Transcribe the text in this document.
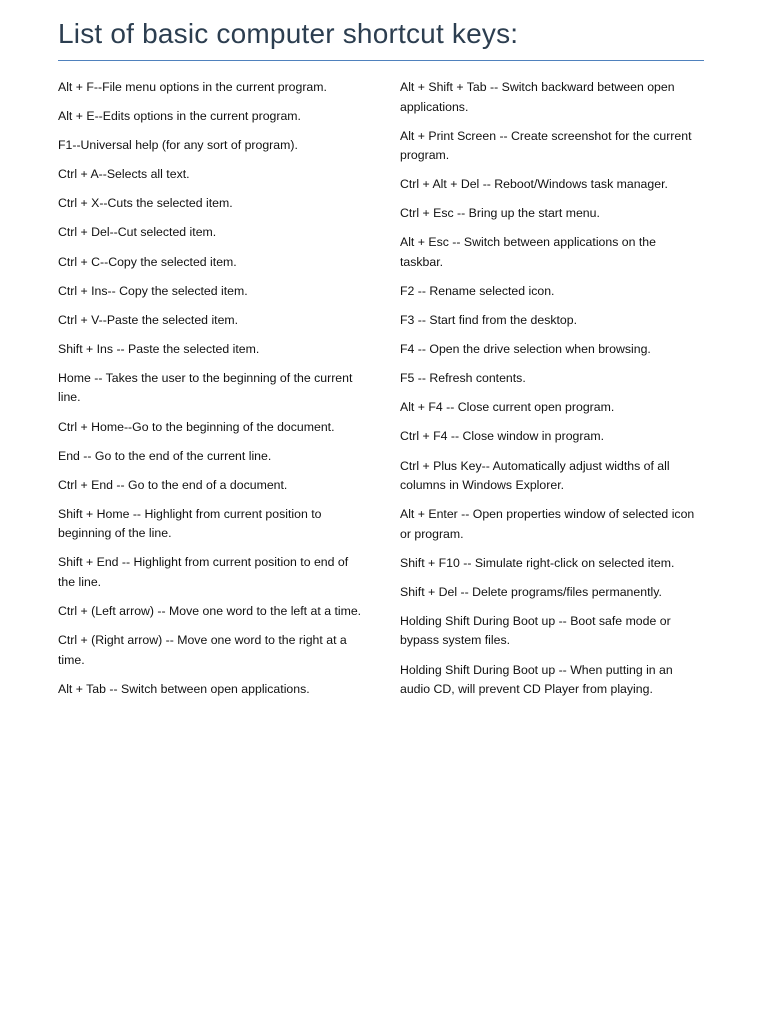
List of basic computer shortcut keys:

Alt + F--File menu options in the current program.

Alt + E--Edits options in the current program.

F1--Universal help (for any sort of program).

Ctrl + A--Selects all text.

Ctrl + X--Cuts the selected item.

Ctrl + Del--Cut selected item.

Ctrl + C--Copy the selected item.

Ctrl + Ins-- Copy the selected item.

Ctrl + V--Paste the selected item.

Shift + Ins -- Paste the selected item.

Home -- Takes the user to the beginning of the current line.

Ctrl + Home--Go to the beginning of the document.

End -- Go to the end of the current line.

Ctrl + End -- Go to the end of a document.

Shift + Home -- Highlight from current position to beginning of the line.

Shift + End -- Highlight from current position to end of the line.

Ctrl + (Left arrow) -- Move one word to the left at a time.

Ctrl + (Right arrow) -- Move one word to the right at a time.

Alt + Tab -- Switch between open applications.

Alt + Shift + Tab -- Switch backward between open applications.

Alt + Print Screen -- Create screenshot for the current program.

Ctrl + Alt + Del -- Reboot/Windows task manager.

Ctrl + Esc -- Bring up the start menu.

Alt + Esc -- Switch between applications on the taskbar.

F2 -- Rename selected icon.

F3 -- Start find from the desktop.

F4 -- Open the drive selection when browsing.

F5 -- Refresh contents.

Alt + F4 -- Close current open program.

Ctrl + F4 -- Close window in program.

Ctrl + Plus Key-- Automatically adjust widths of all columns in Windows Explorer.

Alt + Enter -- Open properties window of selected icon or program.

Shift + F10 -- Simulate right-click on selected item.

Shift + Del -- Delete programs/files permanently.

Holding Shift During Boot up -- Boot safe mode or bypass system files.

Holding Shift During Boot up -- When putting in an audio CD, will prevent CD Player from playing.
